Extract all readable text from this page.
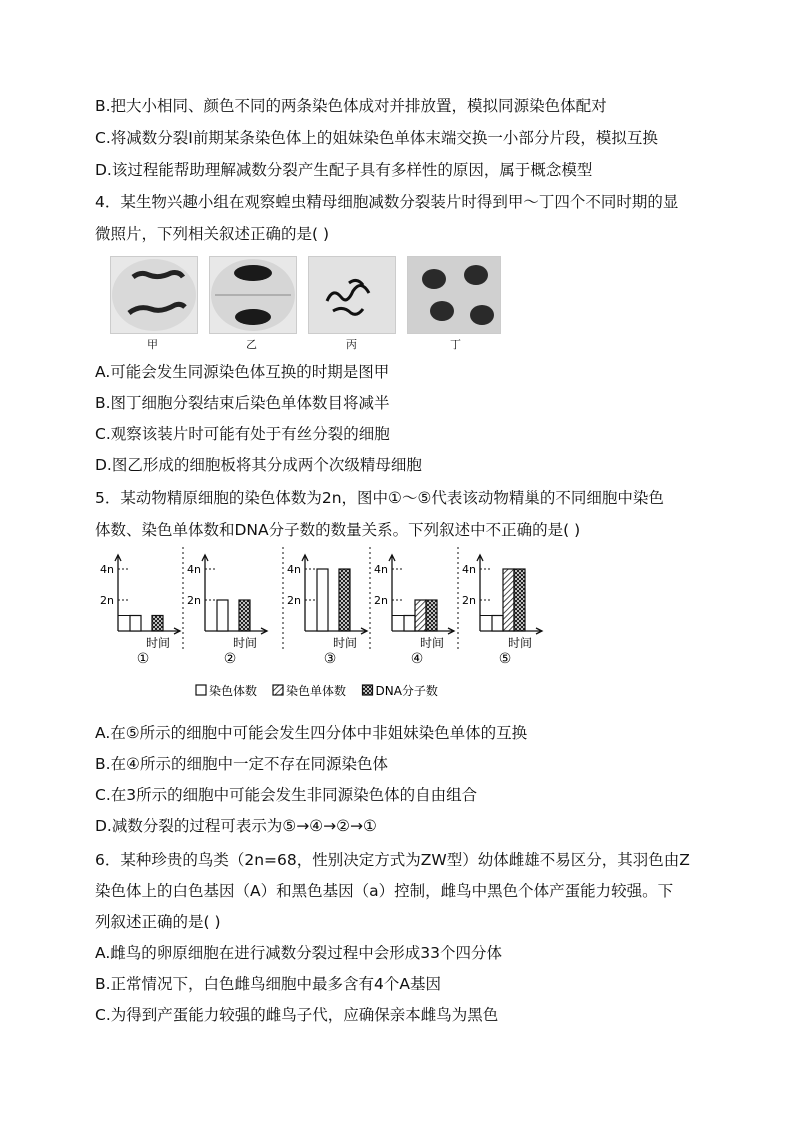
B.把大小相同、颜色不同的两条染色体成对并排放置，模拟同源染色体配对
C.将减数分裂Ⅰ前期某条染色体上的姐妹染色单体末端交换一小部分片段，模拟互换
D.该过程能帮助理解减数分裂产生配子具有多样性的原因，属于概念模型
4．某生物兴趣小组在观察蝗虫精母细胞减数分裂装片时得到甲～丁四个不同时期的显
微照片，下列相关叙述正确的是( )
甲	乙	丙	丁
A.可能会发生同源染色体互换的时期是图甲
B.图丁细胞分裂结束后染色单体数目将减半
C.观察该装片时可能有处于有丝分裂的细胞
D.图乙形成的细胞板将其分成两个次级精母细胞
5．某动物精原细胞的染色体数为2n，图中①～⑤代表该动物精巢的不同细胞中染色
体数、染色单体数和DNA分子数的数量关系。下列叙述中不正确的是( )
4n
2n
时间
①
4n
2n
时间
②
4n
2n
时间
③
4n
2n
时间
④
4n
2n
时间
⑤
染色体数 染色单体数 DNA分子数
A.在⑤所示的细胞中可能会发生四分体中非姐妹染色单体的互换
B.在④所示的细胞中一定不存在同源染色体
C.在3所示的细胞中可能会发生非同源染色体的自由组合
D.减数分裂的过程可表示为⑤→④→②→①
6．某种珍贵的鸟类（2n=68，性别决定方式为ZW型）幼体雌雄不易区分，其羽色由Z
染色体上的白色基因（A）和黑色基因（a）控制，雌鸟中黑色个体产蛋能力较强。下
列叙述正确的是( )
A.雌鸟的卵原细胞在进行减数分裂过程中会形成33个四分体
B.正常情况下，白色雌鸟细胞中最多含有4个A基因
C.为得到产蛋能力较强的雌鸟子代，应确保亲本雌鸟为黑色
